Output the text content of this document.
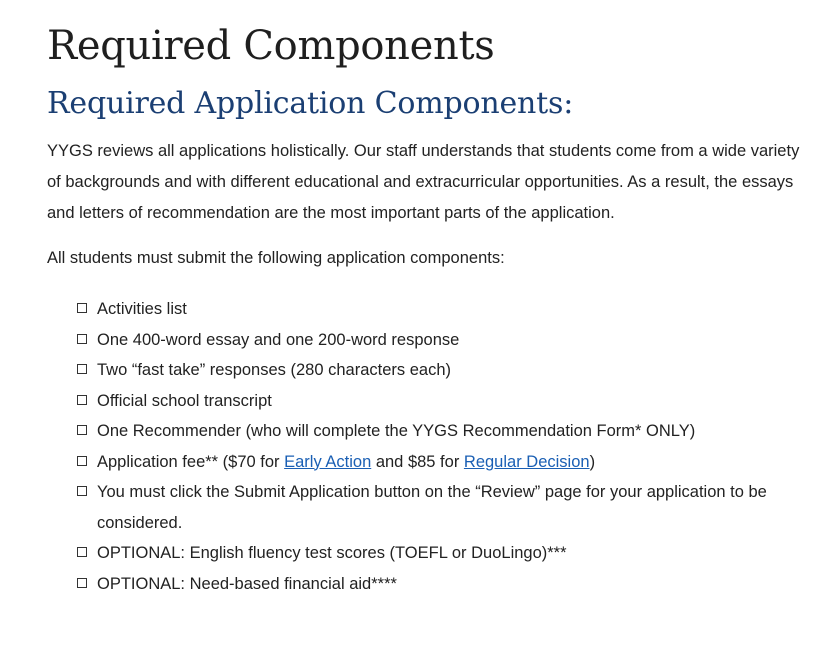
Required Components
Required Application Components:

YYGS reviews all applications holistically. Our staff understands that students come from a wide variety of backgrounds and with different educational and extracurricular opportunities. As a result, the essays and letters of recommendation are the most important parts of the application.

All students must submit the following application components:

Activities list
One 400-word essay and one 200-word response
Two “fast take” responses (280 characters each)
Official school transcript
One Recommender (who will complete the YYGS Recommendation Form* ONLY)
Application fee** ($70 for Early Action and $85 for Regular Decision)
You must click the Submit Application button on the “Review” page for your application to be considered.
OPTIONAL: English fluency test scores (TOEFL or DuoLingo)***
OPTIONAL: Need-based financial aid****
